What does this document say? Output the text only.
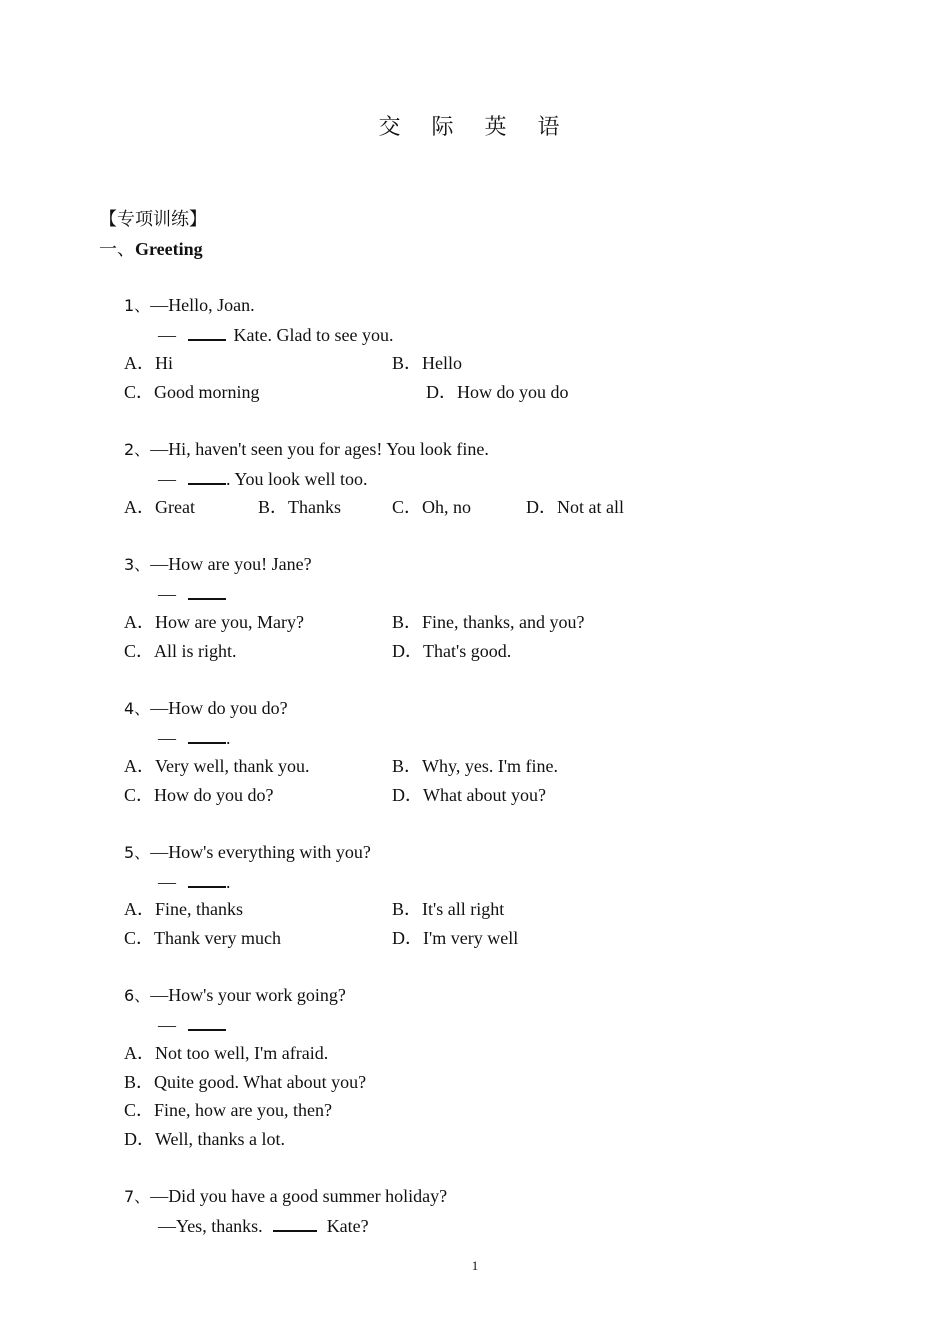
交 际 英 语
【专项训练】
一、Greeting
1、—Hello, Joan.
—	Kate. Glad to see you.
A．Hi	B．Hello
C．Good morning	D．How do you do
2、—Hi, haven't seen you for ages! You look fine.
—	. You look well too.
A．Great	B．Thanks	C．Oh, no	D．Not at all
3、—How are you! Jane?
—
A．How are you, Mary?	B．Fine, thanks, and you?
C．All is right.	D．That's good.
4、—How do you do?
—	.
A．Very well, thank you.	B．Why, yes. I'm fine.
C．How do you do?	D．What about you?
5、—How's everything with you?
—	.
A．Fine, thanks	B．It's all right
C．Thank very much	D．I'm very well
6、—How's your work going?
—
A．Not too well, I'm afraid.
B．Quite good. What about you?
C．Fine, how are you, then?
D．Well, thanks a lot.
7、—Did you have a good summer holiday?
—Yes, thanks.	Kate?
1
